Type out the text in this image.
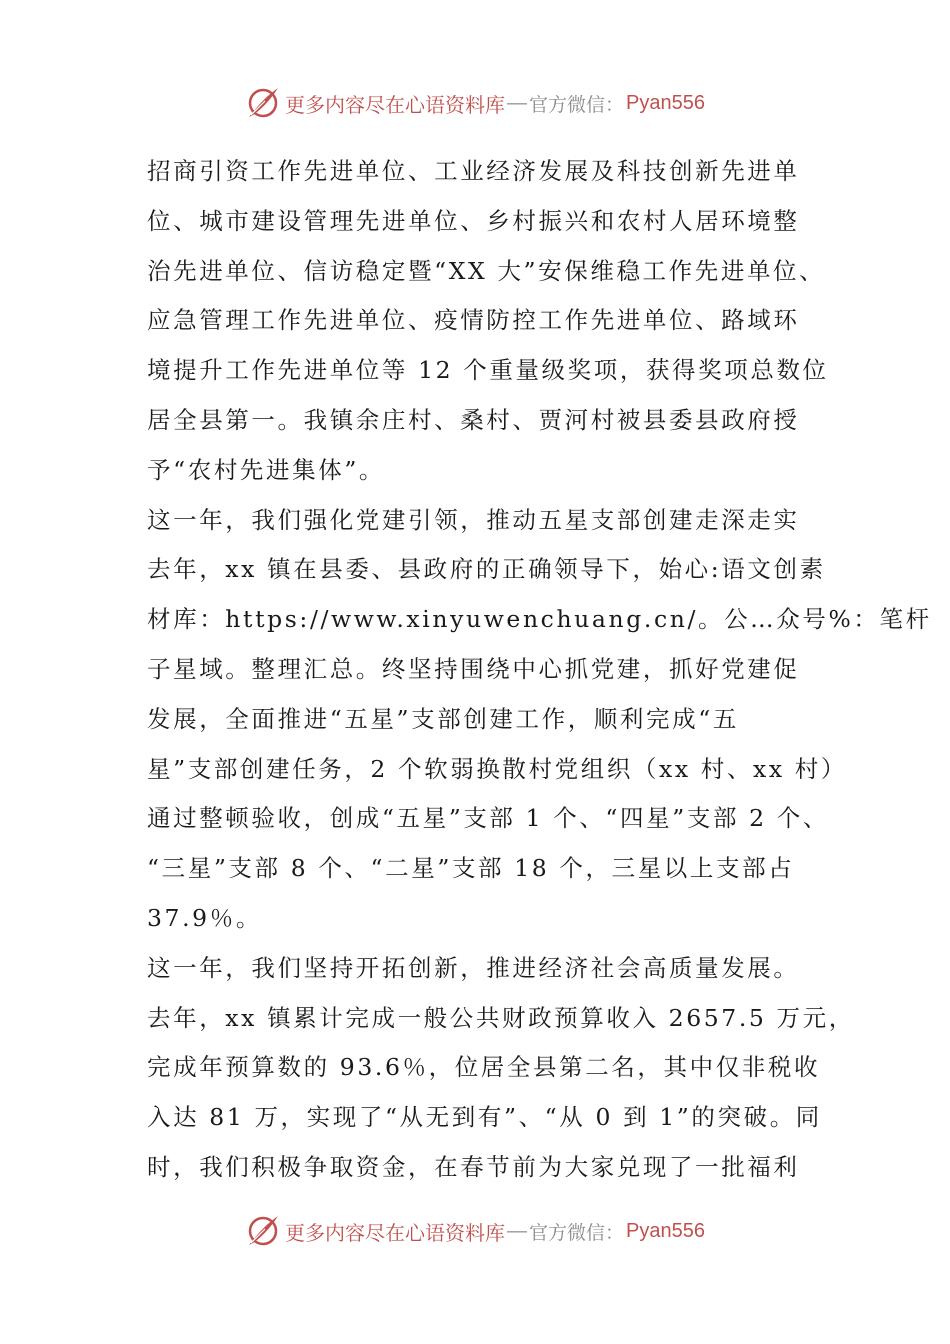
更多内容尽在心语资料库 — 官方微信： Pyan556
招商引资工作先进单位、工业经济发展及科技创新先进单
位、城市建设管理先进单位、乡村振兴和农村人居环境整
治先进单位、信访稳定暨“XX 大”安保维稳工作先进单位、
应急管理工作先进单位、疫情防控工作先进单位、路域环
境提升工作先进单位等 12 个重量级奖项，获得奖项总数位
居全县第一。我镇余庄村、桑村、贾河村被县委县政府授
予“农村先进集体”。
这一年，我们强化党建引领，推动五星支部创建走深走实
去年，xx 镇在县委、县政府的正确领导下，始心:语文创素
材库：https://www.xinyuwenchuang.cn/。公…众号%：笔杆
子星域。整理汇总。终坚持围绕中心抓党建，抓好党建促
发展，全面推进“五星”支部创建工作，顺利完成“五
星”支部创建任务，2 个软弱换散村党组织（xx 村、xx 村）
通过整顿验收，创成“五星”支部 1 个、“四星”支部 2 个、
“三星”支部 8 个、“二星”支部 18 个，三星以上支部占
37.9％。
这一年，我们坚持开拓创新，推进经济社会高质量发展。
去年，xx 镇累计完成一般公共财政预算收入 2657.5 万元，
完成年预算数的 93.6％，位居全县第二名，其中仅非税收
入达 81 万，实现了“从无到有”、“从 0 到 1”的突破。同
时，我们积极争取资金，在春节前为大家兑现了一批福利
更多内容尽在心语资料库 — 官方微信： Pyan556
